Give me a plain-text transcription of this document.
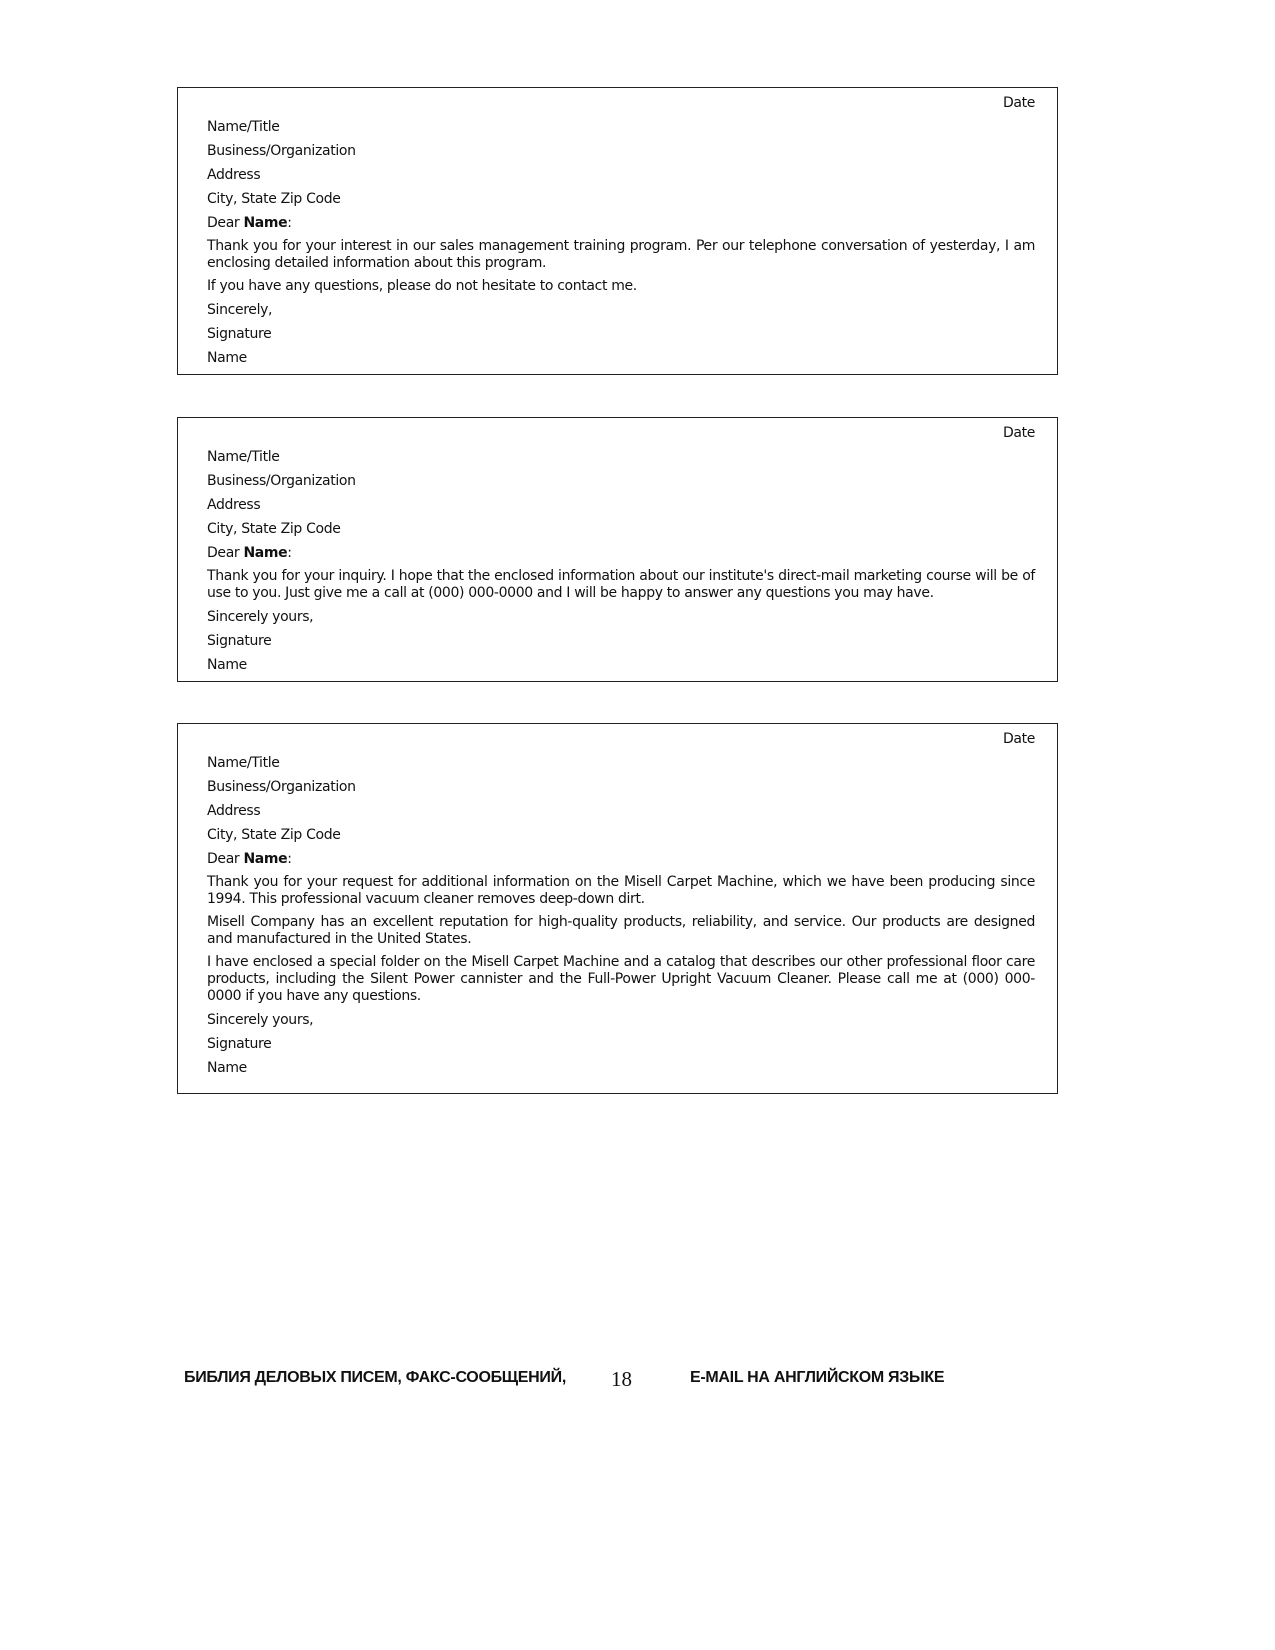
Date
Name/Title
Business/Organization
Address
City, State Zip Code
Dear Name:
Thank you for your interest in our sales management training program. Per our telephone conversation of yesterday, I am enclosing detailed information about this program.
If you have any questions, please do not hesitate to contact me.
Sincerely,
Signature
Name
Date
Name/Title
Business/Organization
Address
City, State Zip Code
Dear Name:
Thank you for your inquiry. I hope that the enclosed information about our institute's direct-mail marketing course will be of use to you. Just give me a call at (000) 000-0000 and I will be happy to answer any questions you may have.
Sincerely yours,
Signature
Name
Date
Name/Title
Business/Organization
Address
City, State Zip Code
Dear Name:
Thank you for your request for additional information on the Misell Carpet Machine, which we have been producing since 1994. This professional vacuum cleaner removes deep-down dirt.
Misell Company has an excellent reputation for high-quality products, reliability, and service. Our products are designed and manufactured in the United States.
I have enclosed a special folder on the Misell Carpet Machine and a catalog that describes our other professional floor care products, including the Silent Power cannister and the Full-Power Upright Vacuum Cleaner. Please call me at (000) 000-0000 if you have any questions.
Sincerely yours,
Signature
Name
БИБЛИЯ ДЕЛОВЫХ ПИСЕМ, ФАКС-СООБЩЕНИЙ, 18	E-MAIL НА АНГЛИЙСКОМ ЯЗЫКЕ
